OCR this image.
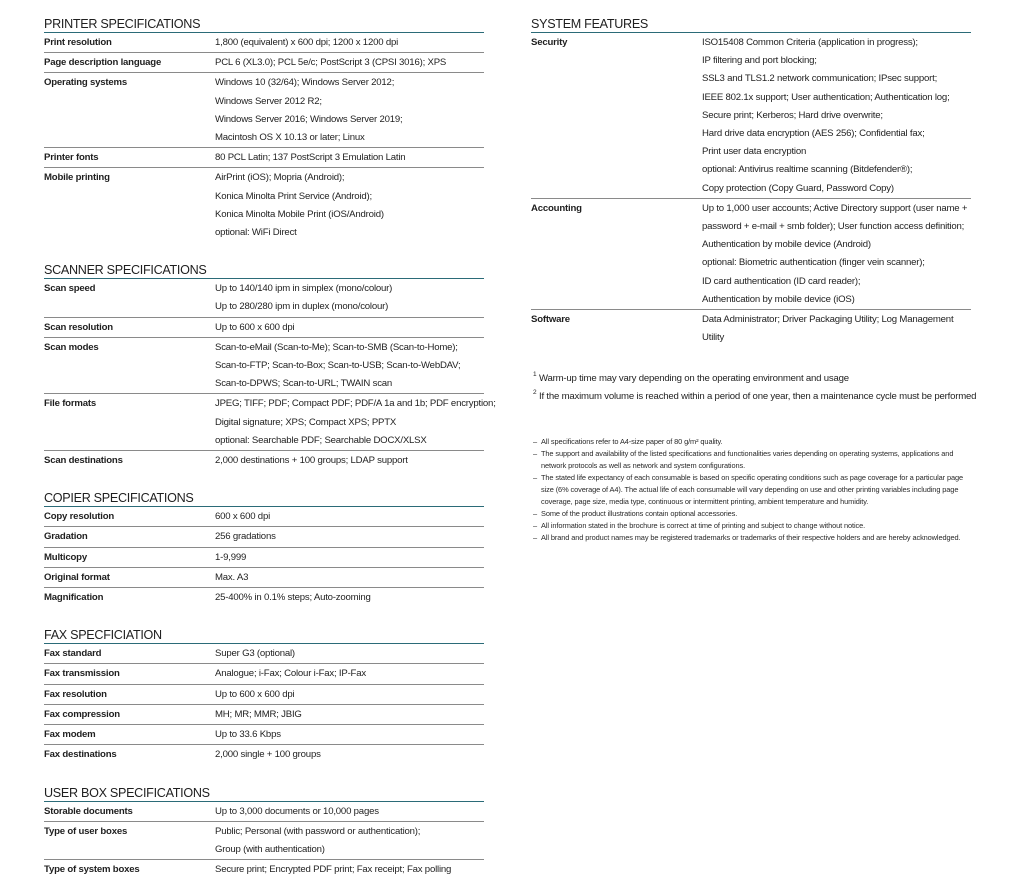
PRINTER SPECIFICATIONS
Print resolution	1,800 (equivalent) x 600 dpi; 1200 x 1200 dpi
Page description language	PCL 6 (XL3.0); PCL 5e/c; PostScript 3 (CPSI 3016); XPS
Operating systems	Windows 10 (32/64); Windows Server 2012;
Windows Server 2012 R2;
Windows Server 2016; Windows Server 2019;
Macintosh OS X 10.13 or later; Linux
Printer fonts	80 PCL Latin; 137 PostScript 3 Emulation Latin
Mobile printing	AirPrint (iOS); Mopria (Android);
Konica Minolta Print Service (Android);
Konica Minolta Mobile Print (iOS/Android)
optional: WiFi Direct
SCANNER SPECIFICATIONS
Scan speed	Up to 140/140 ipm in simplex (mono/colour)
Up to 280/280 ipm in duplex (mono/colour)
Scan resolution	Up to 600 x 600 dpi
Scan modes	Scan-to-eMail (Scan-to-Me); Scan-to-SMB (Scan-to-Home);
Scan-to-FTP; Scan-to-Box; Scan-to-USB; Scan-to-WebDAV;
Scan-to-DPWS; Scan-to-URL; TWAIN scan
File formats	JPEG; TIFF; PDF; Compact PDF; PDF/A 1a and 1b; PDF encryption;
Digital signature; XPS; Compact XPS; PPTX
optional: Searchable PDF; Searchable DOCX/XLSX
Scan destinations	2,000 destinations + 100 groups; LDAP support
COPIER SPECIFICATIONS
Copy resolution	600 x 600 dpi
Gradation	256 gradations
Multicopy	1-9,999
Original format	Max. A3
Magnification	25-400% in 0.1% steps; Auto-zooming
FAX SPECFICIATION
Fax standard	Super G3 (optional)
Fax transmission	Analogue; i-Fax; Colour i-Fax; IP-Fax
Fax resolution	Up to 600 x 600 dpi
Fax compression	MH; MR; MMR; JBIG
Fax modem	Up to 33.6 Kbps
Fax destinations	2,000 single + 100 groups
USER BOX SPECIFICATIONS
Storable documents	Up to 3,000 documents or 10,000 pages
Type of user boxes	Public; Personal (with password or authentication);
Group (with authentication)
Type of system boxes	Secure print; Encrypted PDF print; Fax receipt; Fax polling
SYSTEM FEATURES
Security	ISO15408 Common Criteria (application in progress);
IP filtering and port blocking;
SSL3 and TLS1.2 network communication; IPsec support;
IEEE 802.1x support; User authentication; Authentication log;
Secure print; Kerberos; Hard drive overwrite;
Hard drive data encryption (AES 256); Confidential fax;
Print user data encryption
optional: Antivirus realtime scanning (Bitdefender®);
Copy protection (Copy Guard, Password Copy)
Accounting	Up to 1,000 user accounts; Active Directory support (user name +
password + e-mail + smb folder); User function access definition;
Authentication by mobile device (Android)
optional: Biometric authentication (finger vein scanner);
ID card authentication (ID card reader);
Authentication by mobile device (iOS)
Software	Data Administrator; Driver Packaging Utility; Log Management
Utility
1 Warm-up time may vary depending on the operating environment and usage
2 If the maximum volume is reached within a period of one year, then a maintenance cycle must be performed
– All specifications refer to A4-size paper of 80 g/m² quality.
– The support and availability of the listed specifications and functionalities varies depending on operating systems, applications and network protocols as well as network and system configurations.
– The stated life expectancy of each consumable is based on specific operating conditions such as page coverage for a particular page size (6% coverage of A4). The actual life of each consumable will vary depending on use and other printing variables including page coverage, page size, media type, continuous or intermittent printing, ambient temperature and humidity.
– Some of the product illustrations contain optional accessories.
– All information stated in the brochure is correct at time of printing and subject to change without notice.
– All brand and product names may be registered trademarks or trademarks of their respective holders and are hereby acknowledged.
